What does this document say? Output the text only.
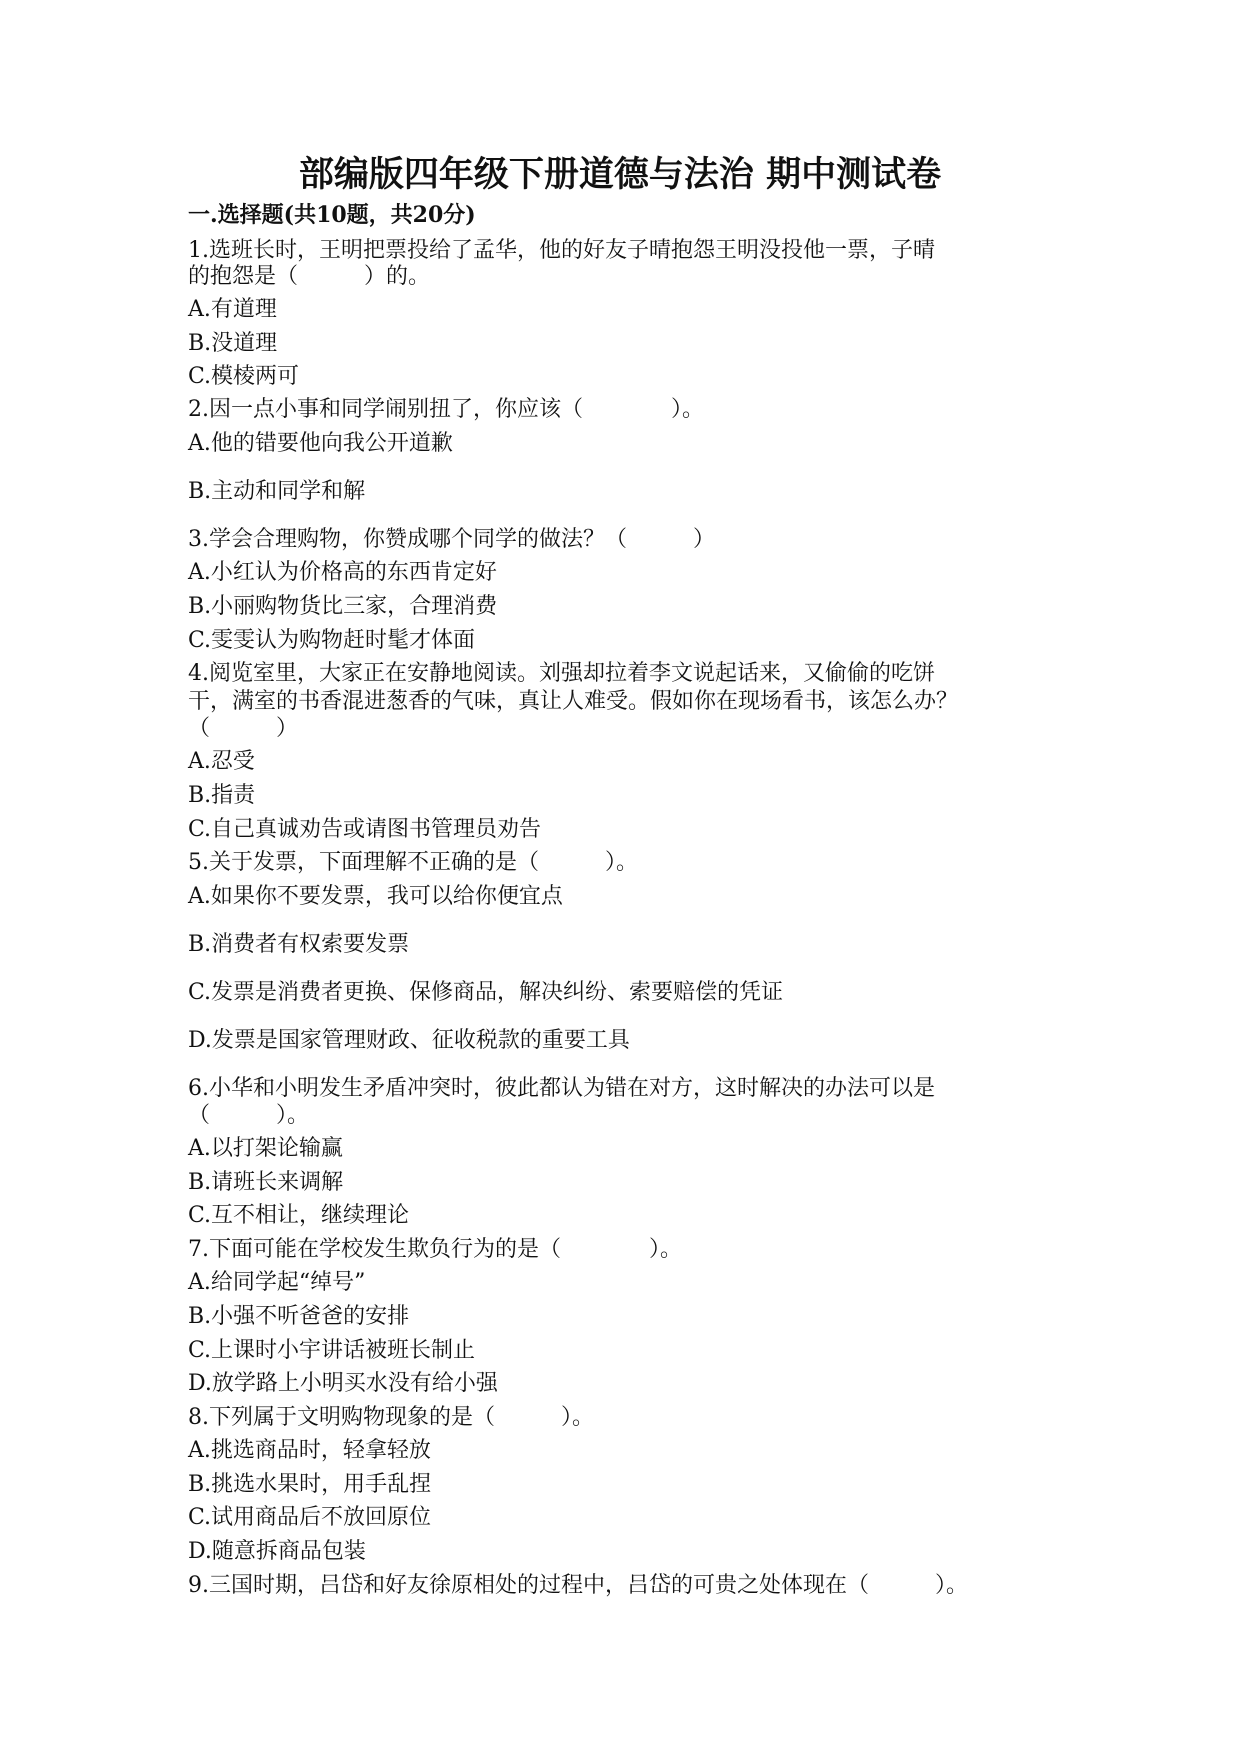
部编版四年级下册道德与法治 期中测试卷
一.选择题(共10题，共20分)
1.选班长时，王明把票投给了孟华，他的好友子晴抱怨王明没投他一票，子晴
的抱怨是（　　　）的。
A.有道理
B.没道理
C.模棱两可
2.因一点小事和同学闹别扭了，你应该（　　　　）。
A.他的错要他向我公开道歉
B.主动和同学和解
3.学会合理购物，你赞成哪个同学的做法？（　　　）
A.小红认为价格高的东西肯定好
B.小丽购物货比三家，合理消费
C.雯雯认为购物赶时髦才体面
4.阅览室里，大家正在安静地阅读。刘强却拉着李文说起话来，又偷偷的吃饼
干，满室的书香混进葱香的气味，真让人难受。假如你在现场看书，该怎么办？
（　　　）
A.忍受
B.指责
C.自己真诚劝告或请图书管理员劝告
5.关于发票，下面理解不正确的是（　　　）。
A.如果你不要发票，我可以给你便宜点
B.消费者有权索要发票
C.发票是消费者更换、保修商品，解决纠纷、索要赔偿的凭证
D.发票是国家管理财政、征收税款的重要工具
6.小华和小明发生矛盾冲突时，彼此都认为错在对方，这时解决的办法可以是
（　　　）。
A.以打架论输赢
B.请班长来调解
C.互不相让，继续理论
7.下面可能在学校发生欺负行为的是（　　　　）。
A.给同学起“绰号”
B.小强不听爸爸的安排
C.上课时小宇讲话被班长制止
D.放学路上小明买水没有给小强
8.下列属于文明购物现象的是（　　　）。
A.挑选商品时，轻拿轻放
B.挑选水果时，用手乱捏
C.试用商品后不放回原位
D.随意拆商品包装
9.三国时期，吕岱和好友徐原相处的过程中，吕岱的可贵之处体现在（　　　）。
